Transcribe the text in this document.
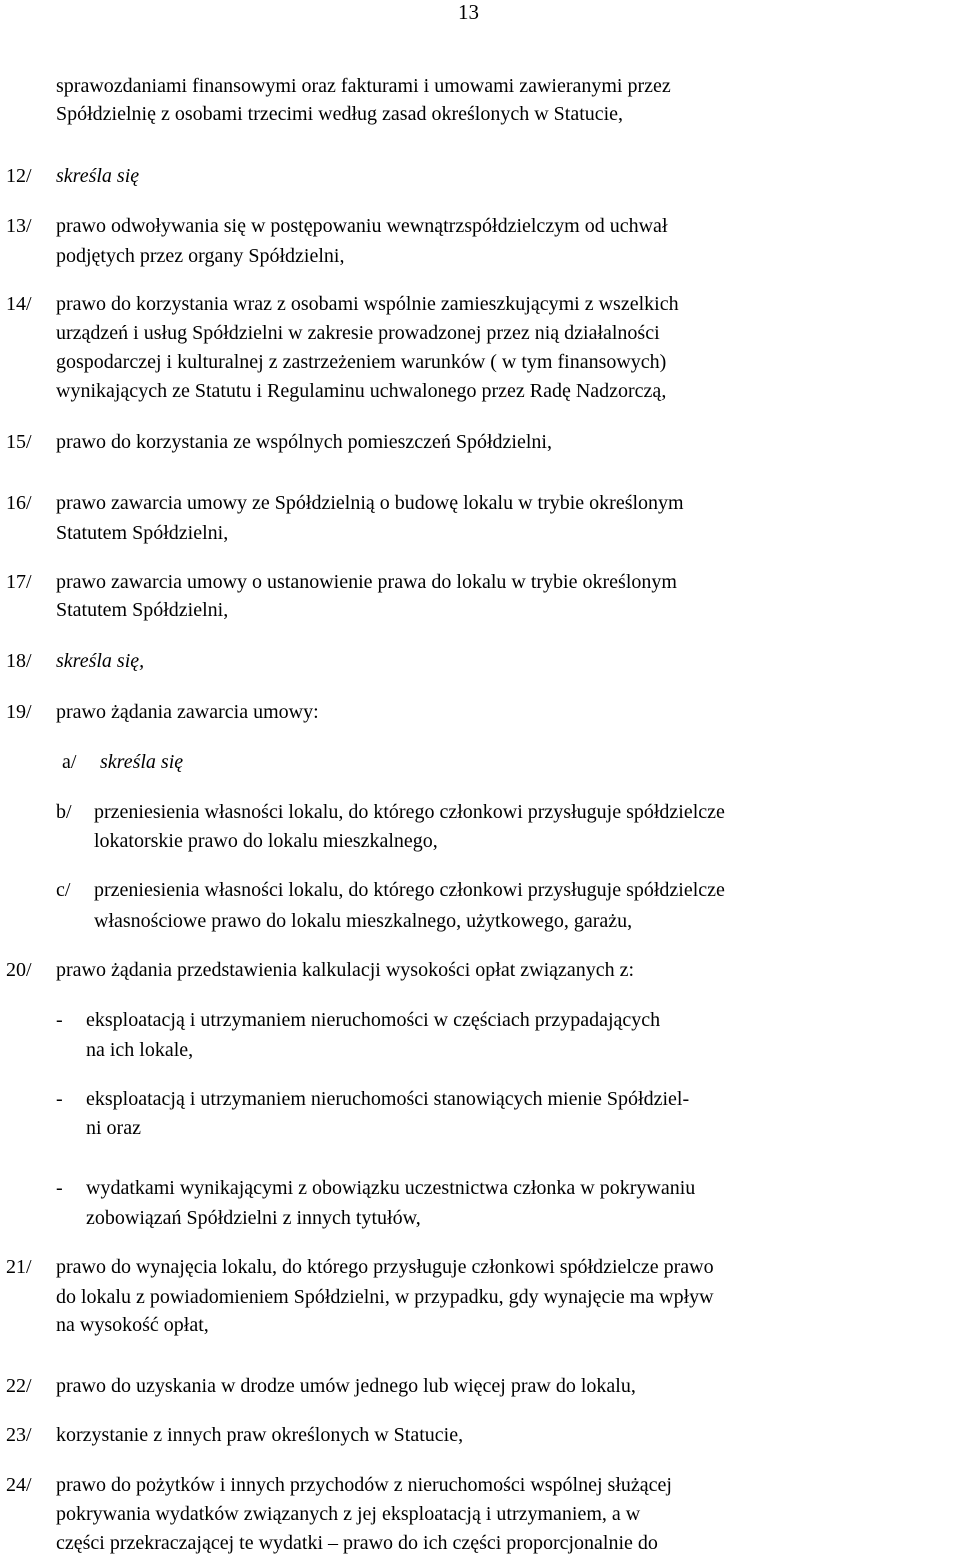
13
sprawozdaniami finansowymi oraz fakturami i umowami zawieranymi przez
Spółdzielnię z osobami trzecimi według zasad określonych w Statucie,
12/ skreśla się
13/ prawo odwoływania się w postępowaniu wewnątrzspółdzielczym od uchwał
podjętych przez organy Spółdzielni,
14/ prawo do korzystania wraz z osobami wspólnie zamieszkującymi z wszelkich
urządzeń i usług Spółdzielni w zakresie prowadzonej przez nią działalności
gospodarczej i kulturalnej z zastrzeżeniem warunków ( w tym finansowych)
wynikających ze Statutu i Regulaminu uchwalonego przez Radę Nadzorczą,
15/ prawo do korzystania ze wspólnych pomieszczeń Spółdzielni,
16/ prawo zawarcia umowy ze Spółdzielnią o budowę lokalu w trybie określonym
Statutem Spółdzielni,
17/ prawo zawarcia umowy o ustanowienie prawa do lokalu w trybie określonym
Statutem Spółdzielni,
18/ skreśla się,
19/ prawo żądania zawarcia umowy:
a/ skreśla się
b/ przeniesienia własności lokalu, do którego członkowi przysługuje spółdzielcze
lokatorskie prawo do lokalu mieszkalnego,
c/ przeniesienia własności lokalu, do którego członkowi przysługuje spółdzielcze
własnościowe prawo do lokalu mieszkalnego, użytkowego, garażu,
20/ prawo żądania przedstawienia kalkulacji wysokości opłat związanych z:
- eksploatacją i utrzymaniem nieruchomości w częściach przypadających
na ich lokale,
- eksploatacją i utrzymaniem nieruchomości stanowiących mienie Spółdziel-
ni oraz
- wydatkami wynikającymi z obowiązku uczestnictwa członka w pokrywaniu
zobowiązań Spółdzielni z innych tytułów,
21/ prawo do wynajęcia lokalu, do którego przysługuje członkowi spółdzielcze prawo
do lokalu z powiadomieniem Spółdzielni, w przypadku, gdy wynajęcie ma wpływ
na wysokość opłat,
22/ prawo do uzyskania w drodze umów jednego lub więcej praw do lokalu,
23/ korzystanie z innych praw określonych w Statucie,
24/ prawo do pożytków i innych przychodów z nieruchomości wspólnej służącej
pokrywania wydatków związanych z jej eksploatacją i utrzymaniem, a w
części przekraczającej te wydatki – prawo do ich części proporcjonalnie do
